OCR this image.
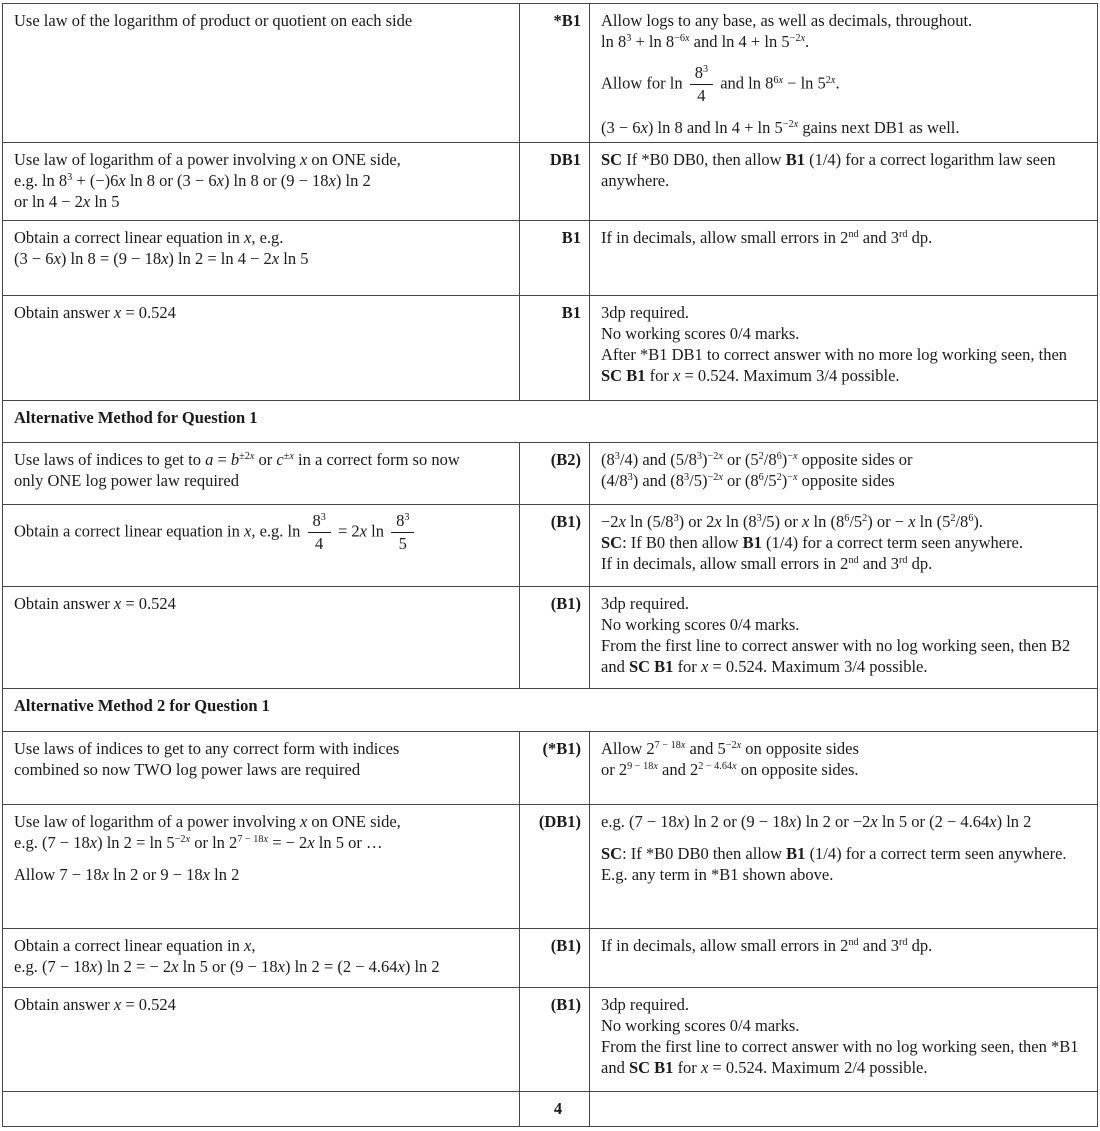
Use law of the logarithm of product or quotient on each side	*B1	Allow logs to any base, as well as decimals, throughout.
$\ln 8^3 + \ln 8^{-6x}$ and $\ln 4 + \ln 5^{-2x}$.
Allow for $\ln \frac{8^3}{4}$ and $\ln 8^{6x} - \ln 5^{2x}$.
(3 − 6x) ln 8 and $\ln 4 + \ln 5^{-2x}$ gains next DB1 as well.

Use law of logarithm of a power involving x on ONE side,
e.g. $\ln 8^3 + (-)6x$ ln 8 or (3 − 6x) ln 8 or (9 − 18x) ln 2
or ln 4 − 2x ln 5	DB1	SC If *B0 DB0, then allow B1 (1/4) for a correct logarithm law seen anywhere.

Obtain a correct linear equation in x, e.g.
(3 − 6x) ln 8 = (9 − 18x) ln 2 = ln 4 − 2x ln 5	B1	If in decimals, allow small errors in 2nd and 3rd dp.

Obtain answer x = 0.524	B1	3dp required.
No working scores 0/4 marks.
After *B1 DB1 to correct answer with no more log working seen, then SC B1 for x = 0.524. Maximum 3/4 possible.

Alternative Method for Question 1		

Use laws of indices to get to $a = b^{\pm 2x}$ or $c^{\pm x}$ in a correct form so now
only ONE log power law required	(B2)	$(8^3/4)$ and $(5/8^3)^{-2x}$ or $(5^2/8^6)^{-x}$ opposite sides or
$(4/8^3)$ and $(8^3/5)^{-2x}$ or $(8^6/5^2)^{-x}$ opposite sides

Obtain a correct linear equation in x, e.g. $\ln \frac{8^3}{4} = 2x$ $\ln \frac{8^3}{5}$	(B1)	−2x $\ln (5/8^3)$ or 2x $\ln (8^3/5)$ or x $\ln (8^6/5^2)$ or − x $\ln (5^2/8^6)$.
SC: If B0 then allow B1 (1/4) for a correct term seen anywhere.
If in decimals, allow small errors in 2nd and 3rd dp.

Obtain answer x = 0.524	(B1)	3dp required.
No working scores 0/4 marks.
From the first line to correct answer with no log working seen, then B2 and SC B1 for x = 0.524. Maximum 3/4 possible.

Alternative Method 2 for Question 1		

Use laws of indices to get to any correct form with indices
combined so now TWO log power laws are required	(*B1)	Allow $2^{7 - 18x}$ and $5^{-2x}$ on opposite sides
or $2^{9 - 18x}$ and $2^{2 - 4.64x}$ on opposite sides.

Use law of logarithm of a power involving x on ONE side,
e.g. (7 − 18x) $\ln 2 = \ln 5^{-2x}$ or $\ln 2^{7 - 18x}$ = − 2x ln 5 or …
Allow 7 − 18x ln 2 or 9 − 18x ln 2
	(DB1)	e.g. (7 − 18x) ln 2 or (9 − 18x) ln 2 or −2x ln 5 or (2 − 4.64x) ln 2
SC: If *B0 DB0 then allow B1 (1/4) for a correct term seen anywhere.
E.g. any term in *B1 shown above.

Obtain a correct linear equation in x,
e.g. (7 − 18x) ln 2 = − 2x ln 5 or (9 − 18x) ln 2 = (2 − 4.64x) ln 2	(B1)	If in decimals, allow small errors in 2nd and 3rd dp.

Obtain answer x = 0.524	(B1)	3dp required.
No working scores 0/4 marks.
From the first line to correct answer with no log working seen, then *B1 and SC B1 for x = 0.524. Maximum 2/4 possible.

	4	
